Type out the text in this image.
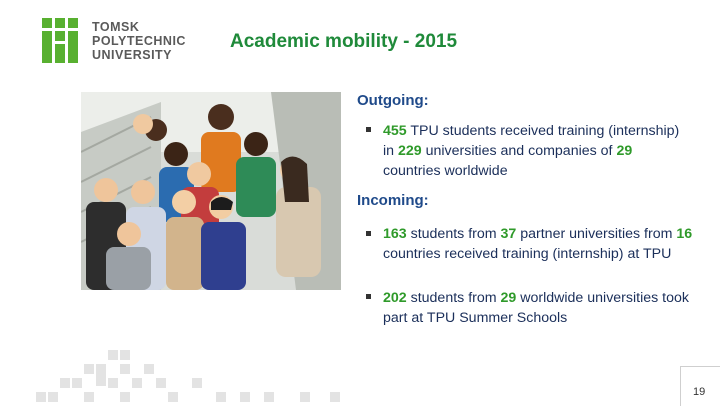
TOMSK
POLYTECHNIC
UNIVERSITY
Academic mobility - 2015
Outgoing:
455 TPU students received training (internship) in 229 universities and companies of 29 countries worldwide
Incoming:
163 students from 37 partner universities from 16 countries received training (internship) at TPU
202 students from 29 worldwide universities took part at TPU Summer Schools
19
